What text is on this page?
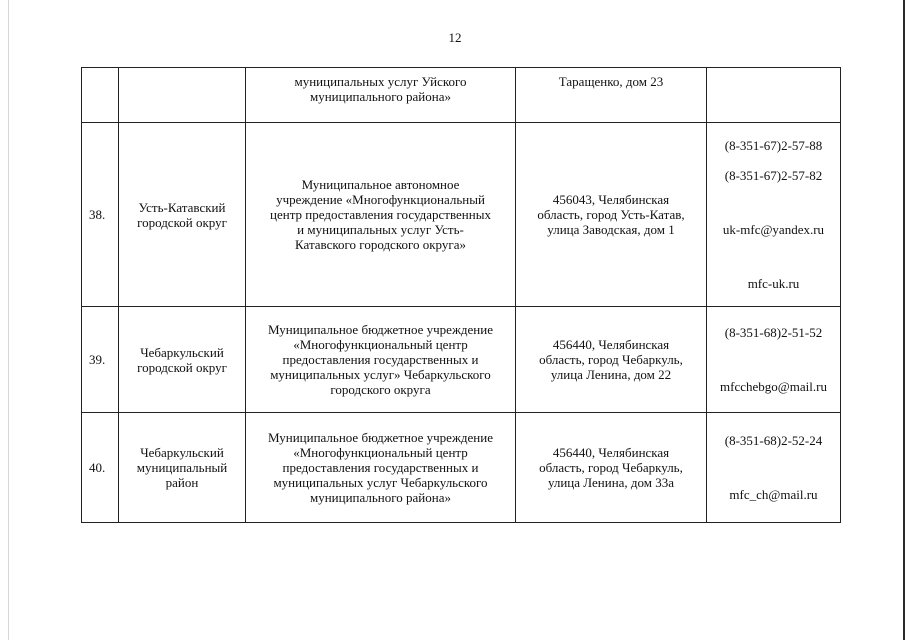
12
		муниципальных услуг Уйского
муниципального района»	Таращенко, дом 23	
38.	Усть-Катавский
городской округ	Муниципальное автономное
учреждение «Многофункциональный
центр предоставления государственных
и муниципальных услуг Усть-
Катавского городского округа»	456043, Челябинская
область, город Усть-Катав,
улица Заводская, дом 1	(8-351-67)2-57-88

(8-351-67)2-57-82

uk-mfc@yandex.ru

mfc-uk.ru

39.	Чебаркульский
городской округ	Муниципальное бюджетное учреждение
«Многофункциональный центр
предоставления государственных и
муниципальных услуг» Чебаркульского
городского округа	456440, Челябинская
область, город Чебаркуль,
улица Ленина, дом 22	(8-351-68)2-51-52

mfcchebgo@mail.ru

40.	Чебаркульский
муниципальный
район	Муниципальное бюджетное учреждение
«Многофункциональный центр
предоставления государственных и
муниципальных услуг Чебаркульского
муниципального района»	456440, Челябинская
область, город Чебаркуль,
улица Ленина, дом 33а	(8-351-68)2-52-24

mfc_ch@mail.ru
